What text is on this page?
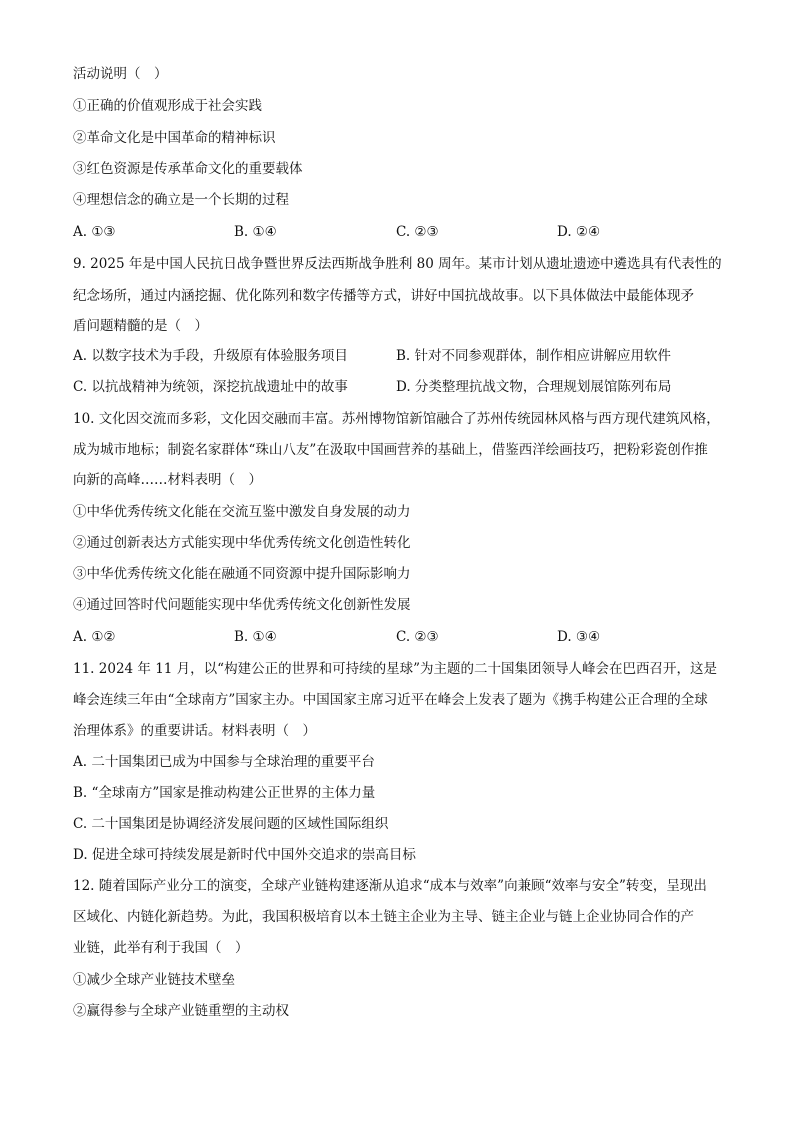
活动说明（　）
①正确的价值观形成于社会实践
②革命文化是中国革命的精神标识
③红色资源是传承革命文化的重要载体
④理想信念的确立是一个长期的过程
A. ①③	B. ①④	C. ②③	D. ②④
9. 2025 年是中国人民抗日战争暨世界反法西斯战争胜利 80 周年。某市计划从遗址遗迹中遴选具有代表性的
纪念场所，通过内涵挖掘、优化陈列和数字传播等方式，讲好中国抗战故事。以下具体做法中最能体现矛
盾问题精髓的是（　）
A. 以数字技术为手段，升级原有体验服务项目	B. 针对不同参观群体，制作相应讲解应用软件
C. 以抗战精神为统领，深挖抗战遗址中的故事	D. 分类整理抗战文物，合理规划展馆陈列布局
10. 文化因交流而多彩，文化因交融而丰富。苏州博物馆新馆融合了苏州传统园林风格与西方现代建筑风格，
成为城市地标；制瓷名家群体“珠山八友”在汲取中国画营养的基础上，借鉴西洋绘画技巧，把粉彩瓷创作推
向新的高峰……材料表明（　）
①中华优秀传统文化能在交流互鉴中激发自身发展的动力
②通过创新表达方式能实现中华优秀传统文化创造性转化
③中华优秀传统文化能在融通不同资源中提升国际影响力
④通过回答时代问题能实现中华优秀传统文化创新性发展
A. ①②	B. ①④	C. ②③	D. ③④
11. 2024 年 11 月，以“构建公正的世界和可持续的星球”为主题的二十国集团领导人峰会在巴西召开，这是
峰会连续三年由“全球南方”国家主办。中国国家主席习近平在峰会上发表了题为《携手构建公正合理的全球
治理体系》的重要讲话。材料表明（　）
A. 二十国集团已成为中国参与全球治理的重要平台
B. “全球南方”国家是推动构建公正世界的主体力量
C. 二十国集团是协调经济发展问题的区域性国际组织
D. 促进全球可持续发展是新时代中国外交追求的崇高目标
12. 随着国际产业分工的演变，全球产业链构建逐渐从追求“成本与效率”向兼顾“效率与安全”转变，呈现出
区域化、内链化新趋势。为此，我国积极培育以本土链主企业为主导、链主企业与链上企业协同合作的产
业链，此举有利于我国（　）
①减少全球产业链技术壁垒
②赢得参与全球产业链重塑的主动权
